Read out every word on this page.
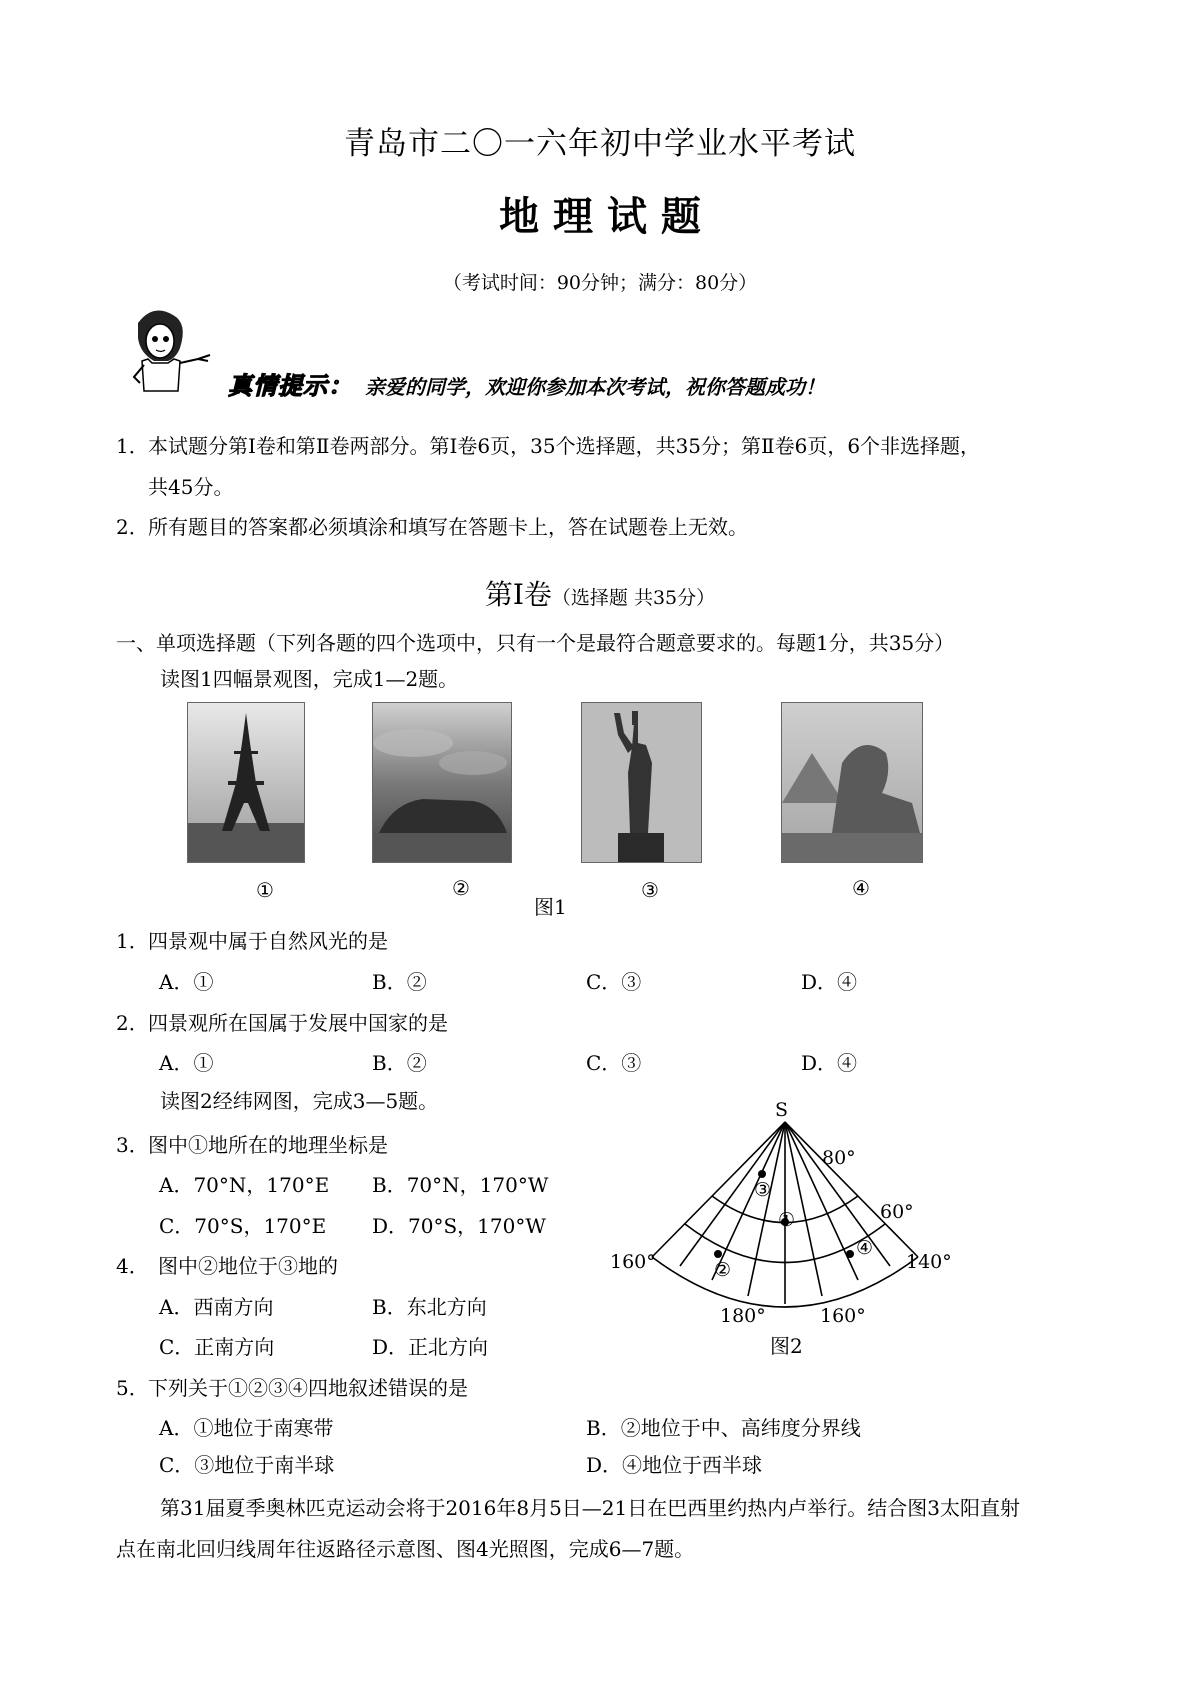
青岛市二〇一六年初中学业水平考试
地 理 试 题
（考试时间：90分钟；满分：80分）
真情提示： 亲爱的同学，欢迎你参加本次考试，祝你答题成功！
1． 本试题分第Ⅰ卷和第Ⅱ卷两部分。第Ⅰ卷6页，35个选择题，共35分；第Ⅱ卷6页，6个非选择题，
共45分。
2． 所有题目的答案都必须填涂和填写在答题卡上，答在试题卷上无效。
第Ⅰ卷（选择题 共35分）
一、单项选择题（下列各题的四个选项中，只有一个是最符合题意要求的。每题1分，共35分）
读图1四幅景观图，完成1—2题。
①	②	③	④
图1
1． 四景观中属于自然风光的是
A．①	B．②	C．③	D．④
2． 四景观所在国属于发展中国家的是
A．①	B．②	C．③	D．④
读图2经纬网图，完成3—5题。
3． 图中①地所在的地理坐标是
A．70°N，170°E B．70°N，170°W
C．70°S，170°E D．70°S，170°W
4． 图中②地位于③地的
A．西南方向	B．东北方向
C．正南方向	D．正北方向
S
80°
60°
160°	140°
180°	160°
①
②
③
④
图2
5． 下列关于①②③④四地叙述错误的是
A．①地位于南寒带	B．②地位于中、高纬度分界线
C．③地位于南半球	D．④地位于西半球
第31届夏季奥林匹克运动会将于2016年8月5日—21日在巴西里约热内卢举行。结合图3太阳直射
点在南北回归线周年往返路径示意图、图4光照图，完成6—7题。
